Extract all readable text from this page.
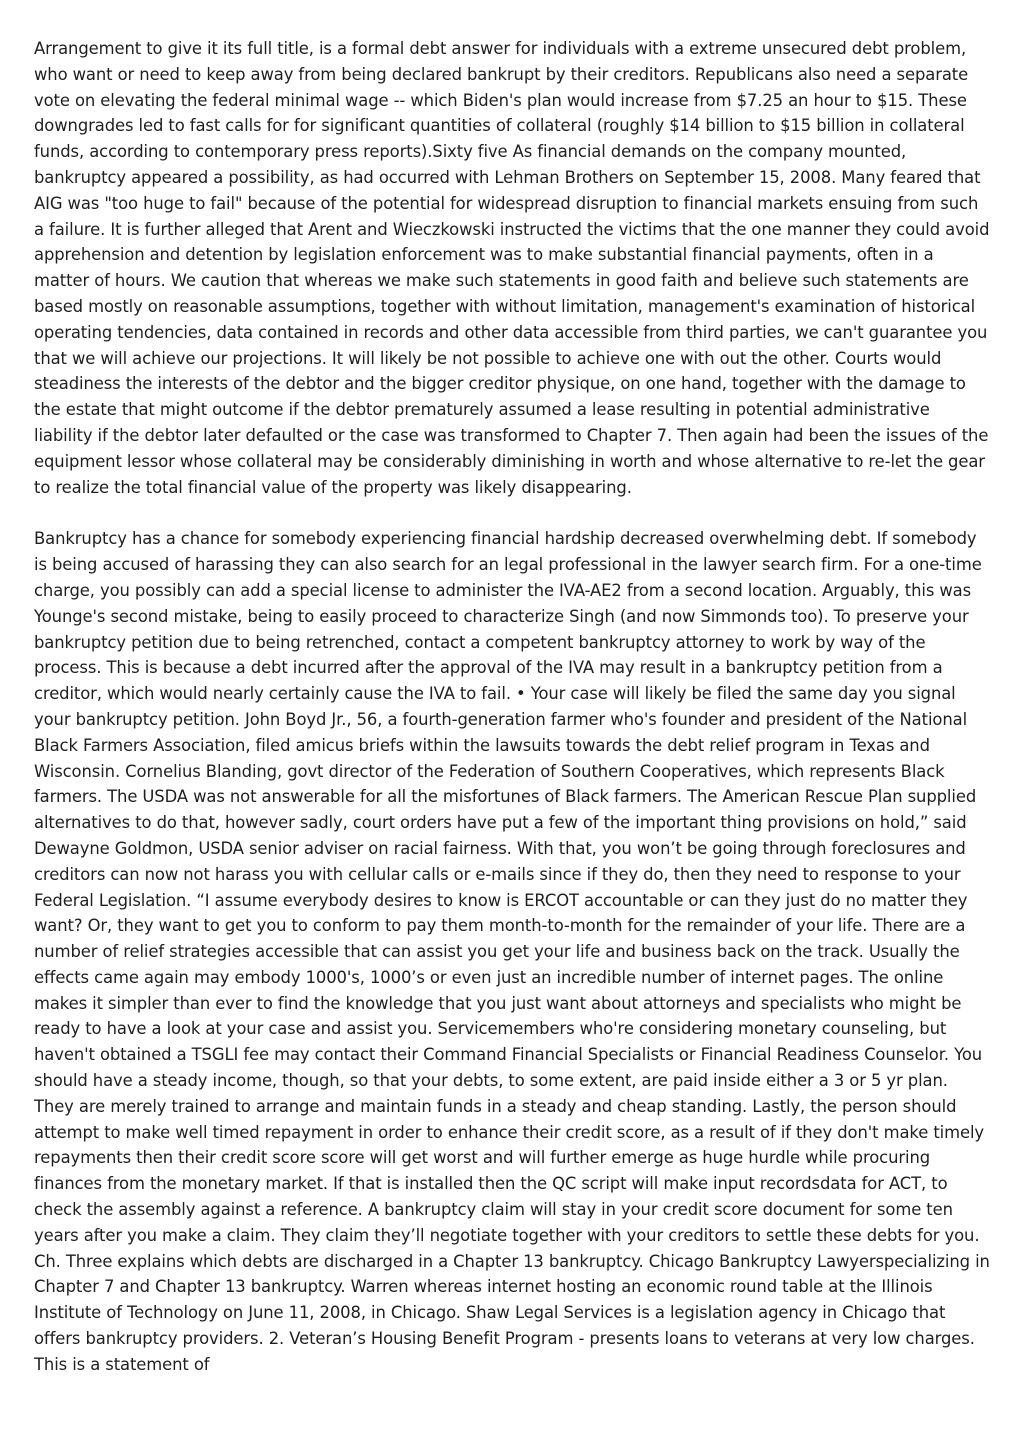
Arrangement to give it its full title, is a formal debt answer for individuals with a extreme unsecured debt problem, who want or need to keep away from being declared bankrupt by their creditors. Republicans also need a separate vote on elevating the federal minimal wage -- which Biden's plan would increase from $7.25 an hour to $15. These downgrades led to fast calls for for significant quantities of collateral (roughly $14 billion to $15 billion in collateral funds, according to contemporary press reports).Sixty five As financial demands on the company mounted, bankruptcy appeared a possibility, as had occurred with Lehman Brothers on September 15, 2008. Many feared that AIG was "too huge to fail" because of the potential for widespread disruption to financial markets ensuing from such a failure. It is further alleged that Arent and Wieczkowski instructed the victims that the one manner they could avoid apprehension and detention by legislation enforcement was to make substantial financial payments, often in a matter of hours. We caution that whereas we make such statements in good faith and believe such statements are based mostly on reasonable assumptions, together with without limitation, management's examination of historical operating tendencies, data contained in records and other data accessible from third parties, we can't guarantee you that we will achieve our projections. It will likely be not possible to achieve one with out the other. Courts would steadiness the interests of the debtor and the bigger creditor physique, on one hand, together with the damage to the estate that might outcome if the debtor prematurely assumed a lease resulting in potential administrative liability if the debtor later defaulted or the case was transformed to Chapter 7. Then again had been the issues of the equipment lessor whose collateral may be considerably diminishing in worth and whose alternative to re-let the gear to realize the total financial value of the property was likely disappearing.

Bankruptcy has a chance for somebody experiencing financial hardship decreased overwhelming debt. If somebody is being accused of harassing they can also search for an legal professional in the lawyer search firm. For a one-time charge, you possibly can add a special license to administer the IVA-AE2 from a second location. Arguably, this was Younge's second mistake, being to easily proceed to characterize Singh (and now Simmonds too). To preserve your bankruptcy petition due to being retrenched, contact a competent bankruptcy attorney to work by way of the process. This is because a debt incurred after the approval of the IVA may result in a bankruptcy petition from a creditor, which would nearly certainly cause the IVA to fail. • Your case will likely be filed the same day you signal your bankruptcy petition. John Boyd Jr., 56, a fourth-generation farmer who's founder and president of the National Black Farmers Association, filed amicus briefs within the lawsuits towards the debt relief program in Texas and Wisconsin. Cornelius Blanding, govt director of the Federation of Southern Cooperatives, which represents Black farmers. The USDA was not answerable for all the misfortunes of Black farmers. The American Rescue Plan supplied alternatives to do that, however sadly, court orders have put a few of the important thing provisions on hold,” said Dewayne Goldmon, USDA senior adviser on racial fairness. With that, you won’t be going through foreclosures and creditors can now not harass you with cellular calls or e-mails since if they do, then they need to response to your Federal Legislation. “I assume everybody desires to know is ERCOT accountable or can they just do no matter they want? Or, they want to get you to conform to pay them month-to-month for the remainder of your life. There are a number of relief strategies accessible that can assist you get your life and business back on the track. Usually the effects came again may embody 1000's, 1000’s or even just an incredible number of internet pages. The online makes it simpler than ever to find the knowledge that you just want about attorneys and specialists who might be ready to have a look at your case and assist you. Servicemembers who're considering monetary counseling, but haven't obtained a TSGLI fee may contact their Command Financial Specialists or Financial Readiness Counselor. You should have a steady income, though, so that your debts, to some extent, are paid inside either a 3 or 5 yr plan. They are merely trained to arrange and maintain funds in a steady and cheap standing. Lastly, the person should attempt to make well timed repayment in order to enhance their credit score, as a result of if they don't make timely repayments then their credit score score will get worst and will further emerge as huge hurdle while procuring finances from the monetary market. If that is installed then the QC script will make input recordsdata for ACT, to check the assembly against a reference. A bankruptcy claim will stay in your credit score document for some ten years after you make a claim. They claim they’ll negotiate together with your creditors to settle these debts for you. Ch. Three explains which debts are discharged in a Chapter 13 bankruptcy. Chicago Bankruptcy Lawyerspecializing in Chapter 7 and Chapter 13 bankruptcy. Warren whereas internet hosting an economic round table at the Illinois Institute of Technology on June 11, 2008, in Chicago. Shaw Legal Services is a legislation agency in Chicago that offers bankruptcy providers. 2. Veteran’s Housing Benefit Program - presents loans to veterans at very low charges. This is a statement of
